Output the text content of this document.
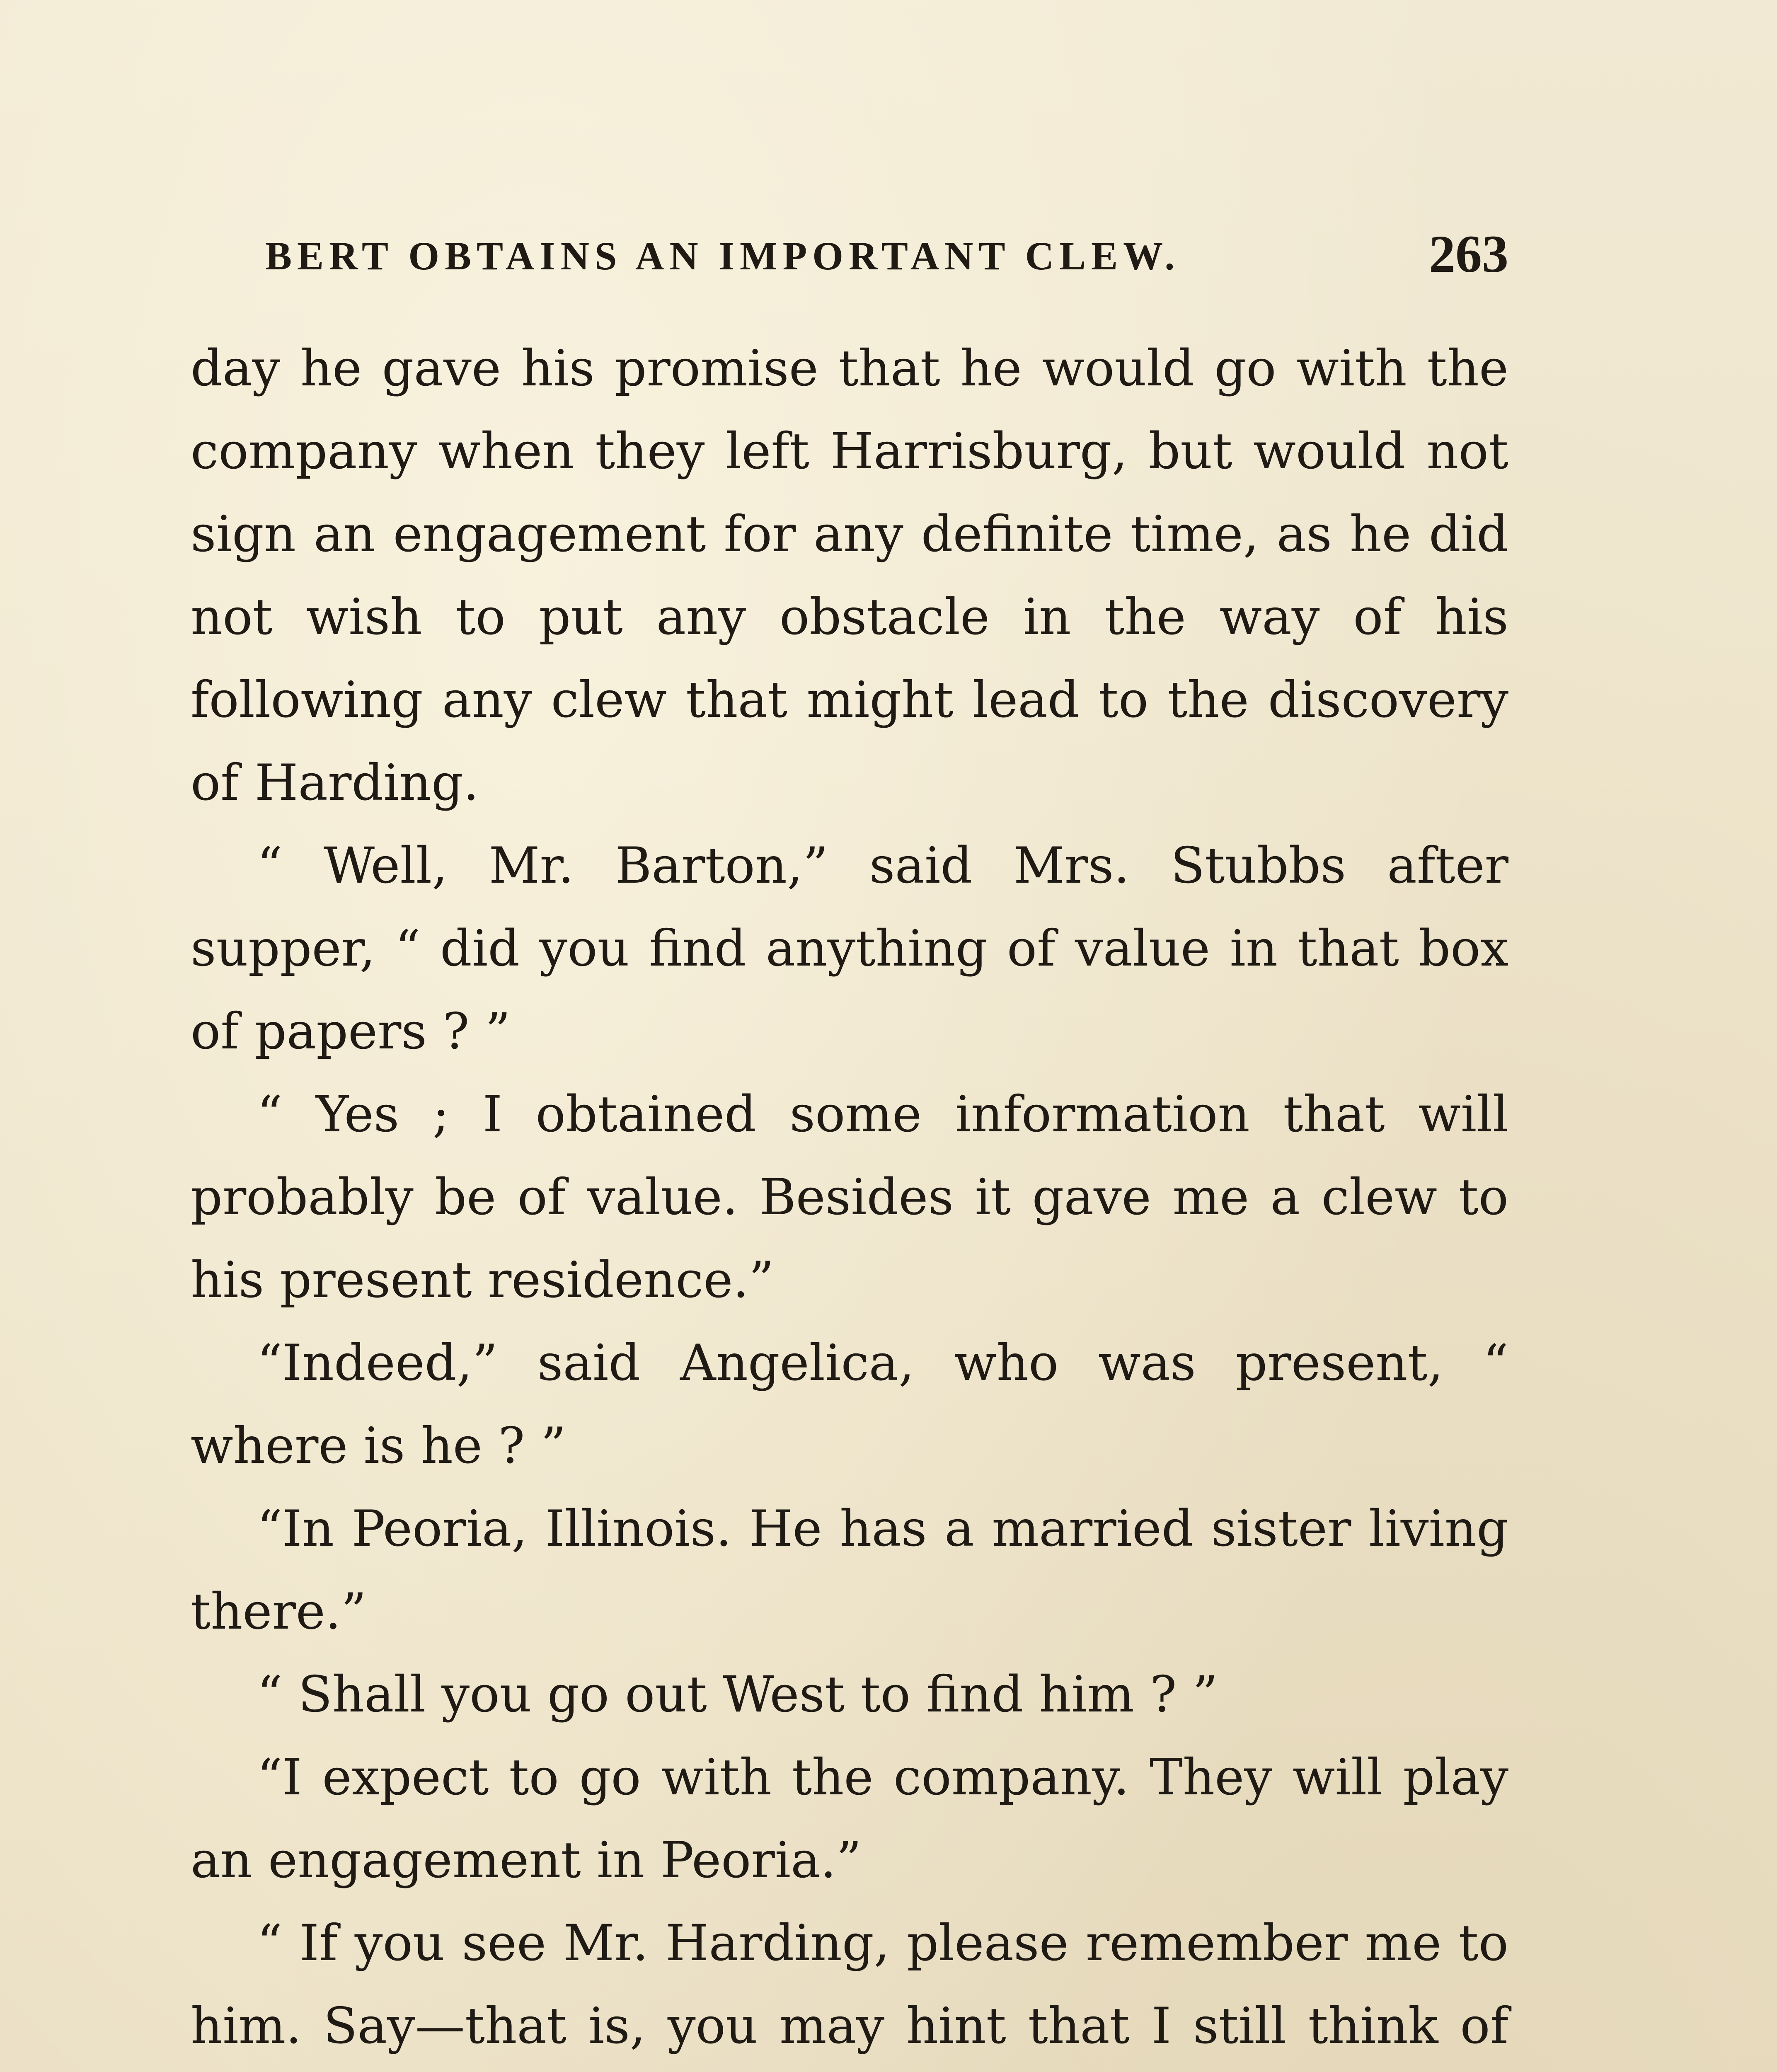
BERT OBTAINS AN IMPORTANT CLEW.	263

day he gave his promise that he would go with the company when they left Harrisburg, but would not sign an engagement for any definite time, as he did not wish to put any obstacle in the way of his following any clew that might lead to the discovery of Harding.

“ Well, Mr. Barton,” said Mrs. Stubbs after supper, “ did you find anything of value in that box of papers ? ”

“ Yes ; I obtained some information that will probably be of value. Besides it gave me a clew to his present residence.”

“Indeed,” said Angelica, who was present, “ where is he ? ”

“In Peoria, Illinois. He has a married sister living there.”

“ Shall you go out West to find him ? ”

“I expect to go with the company. They will play an engagement in Peoria.”

“ If you see Mr. Harding, please remember me to him. Say—that is, you may hint that I still think of
